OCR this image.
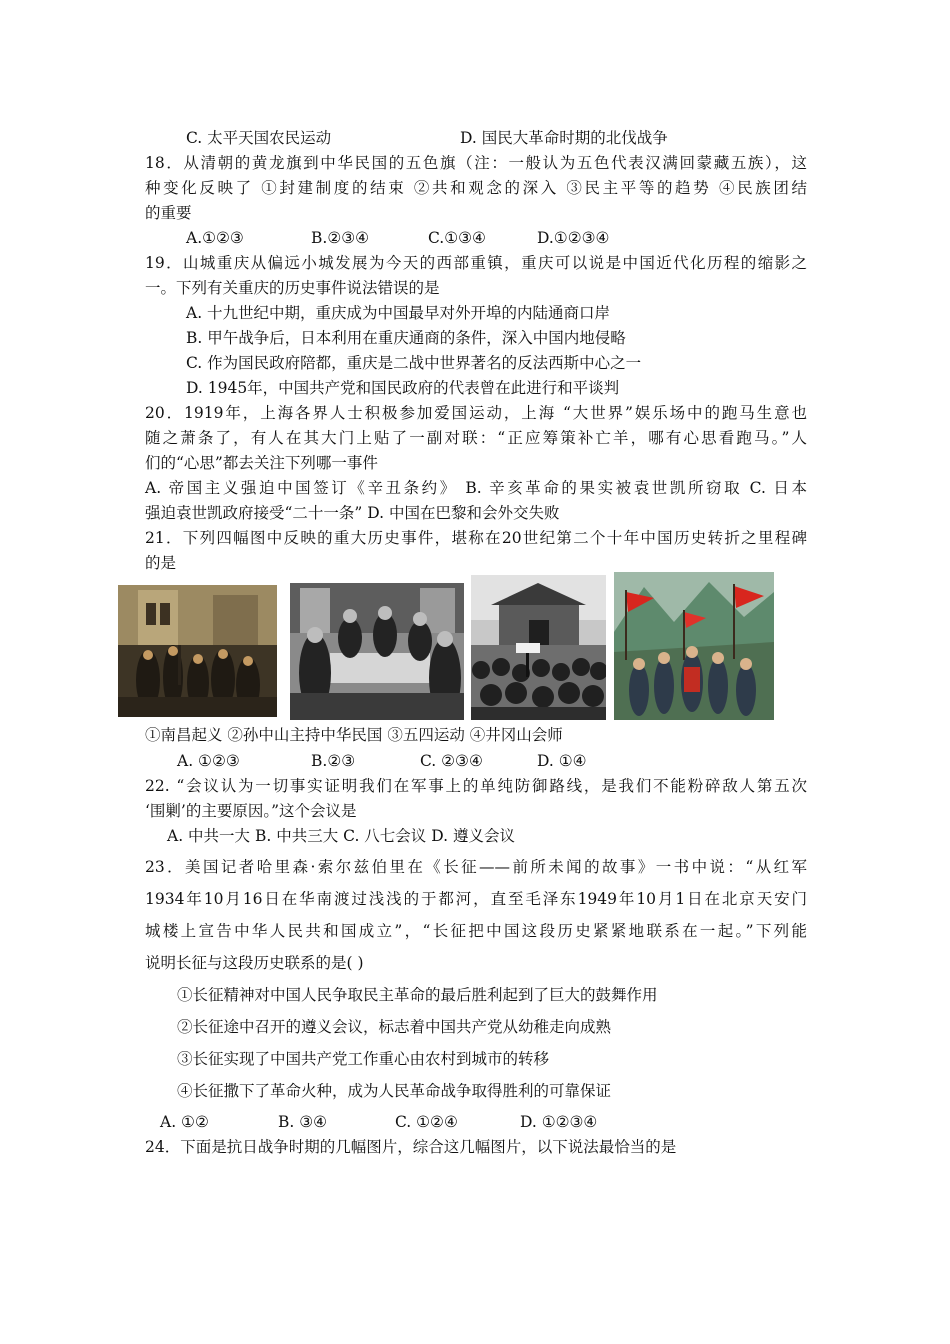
C. 太平天国农民运动	D. 国民大革命时期的北伐战争
18．从清朝的黄龙旗到中华民国的五色旗（注：一般认为五色代表汉满回蒙藏五族），这
种变化反映了 ①封建制度的结束 ②共和观念的深入 ③民主平等的趋势 ④民族团结
的重要
A.①②③	B.②③④	C.①③④	D.①②③④
19．山城重庆从偏远小城发展为今天的西部重镇，重庆可以说是中国近代化历程的缩影之
一。下列有关重庆的历史事件说法错误的是
A. 十九世纪中期，重庆成为中国最早对外开埠的内陆通商口岸
B. 甲午战争后，日本利用在重庆通商的条件，深入中国内地侵略
C. 作为国民政府陪都，重庆是二战中世界著名的反法西斯中心之一
D. 1945年，中国共产党和国民政府的代表曾在此进行和平谈判
20．1919年，上海各界人士积极参加爱国运动，上海 “大世界”娱乐场中的跑马生意也
随之萧条了，有人在其大门上贴了一副对联：“正应筹策补亡羊，哪有心思看跑马。”人
们的“心思”都去关注下列哪一事件
A. 帝国主义强迫中国签订《辛丑条约》 B. 辛亥革命的果实被袁世凯所窃取 C. 日本
强迫袁世凯政府接受“二十一条” D. 中国在巴黎和会外交失败
21．下列四幅图中反映的重大历史事件，堪称在20世纪第二个十年中国历史转折之里程碑
的是
①南昌起义 ②孙中山主持中华民国 ③五四运动 ④井冈山会师
A. ①②③	B.②③	C. ②③④	D. ①④
22. “会议认为一切事实证明我们在军事上的单纯防御路线，是我们不能粉碎敌人第五次
‘围剿’的主要原因。”这个会议是
A. 中共一大 B. 中共三大 C. 八七会议 D. 遵义会议
23．美国记者哈里森·索尔兹伯里在《长征——前所未闻的故事》一书中说：“从红军
1934年10月16日在华南渡过浅浅的于都河，直至毛泽东1949年10月1日在北京天安门
城楼上宣告中华人民共和国成立”，“长征把中国这段历史紧紧地联系在一起。”下列能
说明长征与这段历史联系的是( )
①长征精神对中国人民争取民主革命的最后胜利起到了巨大的鼓舞作用
②长征途中召开的遵义会议，标志着中国共产党从幼稚走向成熟
③长征实现了中国共产党工作重心由农村到城市的转移
④长征撒下了革命火种，成为人民革命战争取得胜利的可靠保证
A. ①②	B. ③④	C. ①②④	D. ①②③④
24．下面是抗日战争时期的几幅图片，综合这几幅图片，以下说法最恰当的是
